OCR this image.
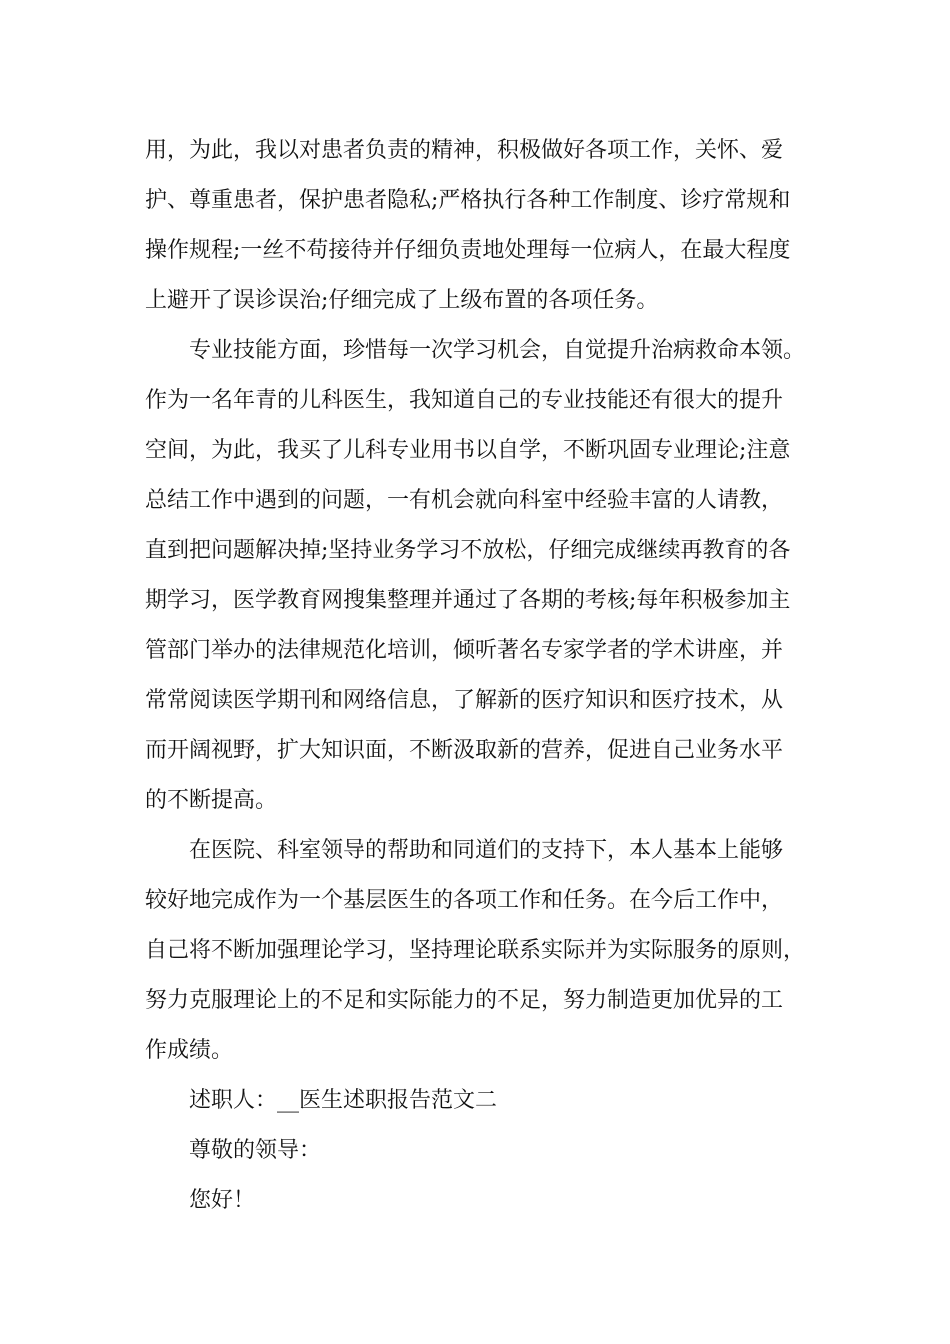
用，为此，我以对患者负责的精神，积极做好各项工作，关怀、爱

护、尊重患者，保护患者隐私;严格执行各种工作制度、诊疗常规和

操作规程;一丝不苟接待并仔细负责地处理每一位病人，在最大程度

上避开了误诊误治;仔细完成了上级布置的各项任务。

专业技能方面，珍惜每一次学习机会，自觉提升治病救命本领。

作为一名年青的儿科医生，我知道自己的专业技能还有很大的提升

空间，为此，我买了儿科专业用书以自学，不断巩固专业理论;注意

总结工作中遇到的问题，一有机会就向科室中经验丰富的人请教，

直到把问题解决掉;坚持业务学习不放松，仔细完成继续再教育的各

期学习，医学教育网搜集整理并通过了各期的考核;每年积极参加主

管部门举办的法律规范化培训，倾听著名专家学者的学术讲座，并

常常阅读医学期刊和网络信息，了解新的医疗知识和医疗技术，从

而开阔视野，扩大知识面，不断汲取新的营养，促进自己业务水平

的不断提高。

在医院、科室领导的帮助和同道们的支持下，本人基本上能够

较好地完成作为一个基层医生的各项工作和任务。在今后工作中，

自己将不断加强理论学习，坚持理论联系实际并为实际服务的原则，

努力克服理论上的不足和实际能力的不足，努力制造更加优异的工

作成绩。

述职人：__医生述职报告范文二

尊敬的领导：

您好！
